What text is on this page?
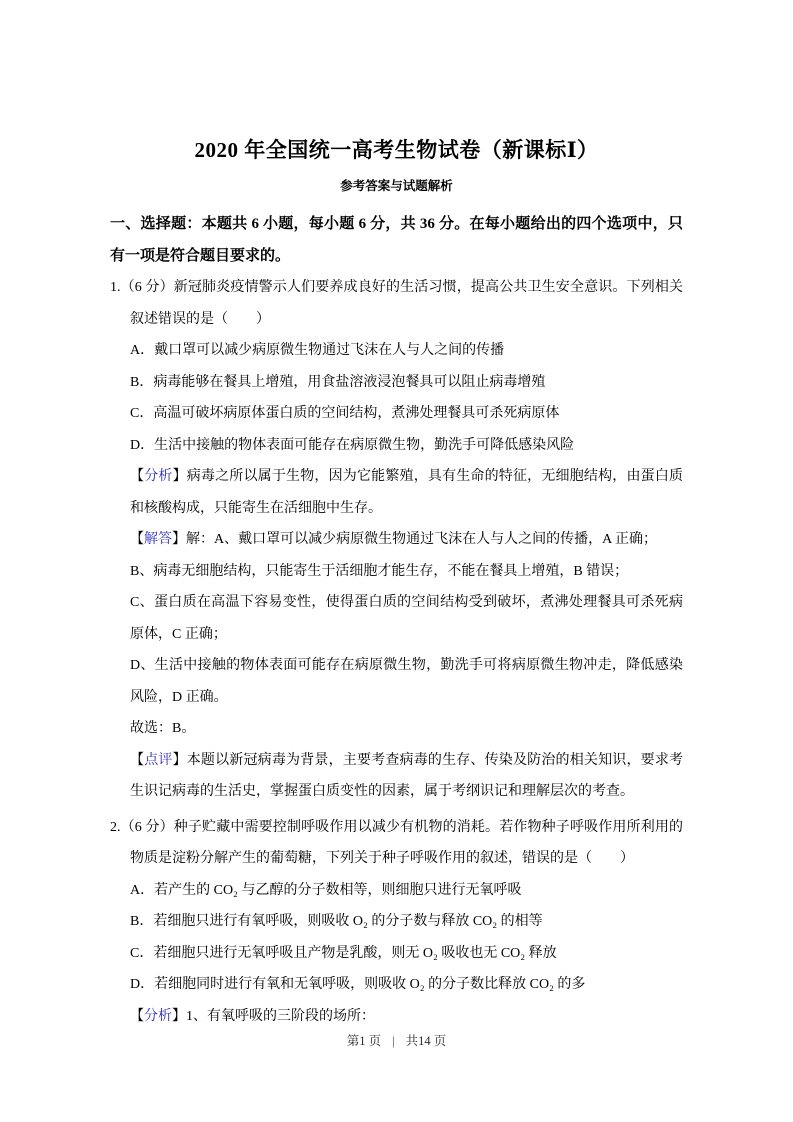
2020 年全国统一高考生物试卷（新课标Ⅰ）
参考答案与试题解析

一、选择题：本题共 6 小题，每小题 6 分，共 36 分。在每小题给出的四个选项中，只有一项是符合题目要求的。

1.（6 分）新冠肺炎疫情警示人们要养成良好的生活习惯，提高公共卫生安全意识。下列相关叙述错误的是（　　）

A．戴口罩可以减少病原微生物通过飞沫在人与人之间的传播

B．病毒能够在餐具上增殖，用食盐溶液浸泡餐具可以阻止病毒增殖

C．高温可破坏病原体蛋白质的空间结构，煮沸处理餐具可杀死病原体

D．生活中接触的物体表面可能存在病原微生物，勤洗手可降低感染风险

【分析】病毒之所以属于生物，因为它能繁殖，具有生命的特征，无细胞结构，由蛋白质和核酸构成，只能寄生在活细胞中生存。

【解答】解：A、戴口罩可以减少病原微生物通过飞沫在人与人之间的传播，A 正确；

B、病毒无细胞结构，只能寄生于活细胞才能生存，不能在餐具上增殖，B 错误；

C、蛋白质在高温下容易变性，使得蛋白质的空间结构受到破坏，煮沸处理餐具可杀死病原体，C 正确；

D、生活中接触的物体表面可能存在病原微生物，勤洗手可将病原微生物冲走，降低感染风险，D 正确。

故选：B。

【点评】本题以新冠病毒为背景，主要考查病毒的生存、传染及防治的相关知识，要求考生识记病毒的生活史，掌握蛋白质变性的因素，属于考纲识记和理解层次的考查。

2.（6 分）种子贮藏中需要控制呼吸作用以减少有机物的消耗。若作物种子呼吸作用所利用的物质是淀粉分解产生的葡萄糖，下列关于种子呼吸作用的叙述，错误的是（　　）

A．若产生的 CO₂ 与乙醇的分子数相等，则细胞只进行无氧呼吸

B．若细胞只进行有氧呼吸，则吸收 O₂ 的分子数与释放 CO₂ 的相等

C．若细胞只进行无氧呼吸且产物是乳酸，则无 O₂ 吸收也无 CO₂ 释放

D．若细胞同时进行有氧和无氧呼吸，则吸收 O₂ 的分子数比释放 CO₂ 的多

【分析】1、有氧呼吸的三阶段的场所：

第1 页 | 共14 页
